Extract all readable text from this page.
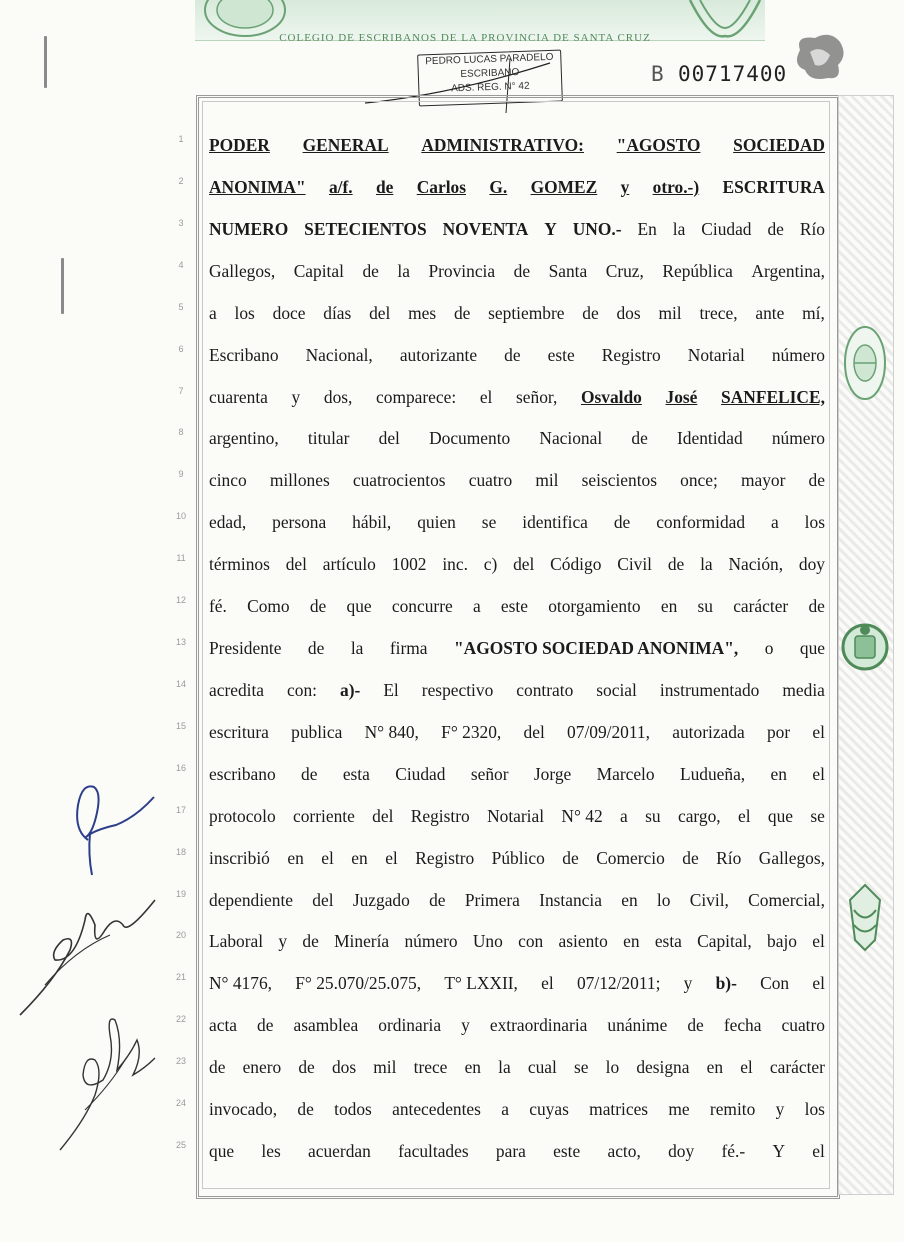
COLEGIO DE ESCRIBANOS DE LA PROVINCIA DE SANTA CRUZ
PEDRO LUCAS PARADELO
ESCRIBANO
ADS. REG. N° 42
B 00717400
1
2
3
4
5
6
7
8
9
10
11
12
13
14
15
16
17
18
19
20
21
22
23
24
25
PODER GENERAL ADMINISTRATIVO: "AGOSTO SOCIEDAD
ANONIMA" a/f. de Carlos G. GOMEZ y otro.-) ESCRITURA
NUMERO SETECIENTOS NOVENTA Y UNO.- En la Ciudad de Río
Gallegos, Capital de la Provincia de Santa Cruz, República Argentina,
a los doce días del mes de septiembre de dos mil trece, ante mí,
Escribano Nacional, autorizante de este Registro Notarial número
cuarenta y dos, comparece: el señor, Osvaldo José SANFELICE,
argentino, titular del Documento Nacional de Identidad número
cinco millones cuatrocientos cuatro mil seiscientos once; mayor de
edad, persona hábil, quien se identifica de conformidad a los
términos del artículo 1002 inc. c) del Código Civil de la Nación, doy
fé. Como de que concurre a este otorgamiento en su carácter de
Presidente de la firma "AGOSTO SOCIEDAD ANONIMA", o que
acredita con: a)- El respectivo contrato social instrumentado media
escritura publica N° 840, F° 2320, del 07/09/2011, autorizada por el
escribano de esta Ciudad señor Jorge Marcelo Ludueña, en el
protocolo corriente del Registro Notarial N° 42 a su cargo, el que se
inscribió en el en el Registro Público de Comercio de Río Gallegos,
dependiente del Juzgado de Primera Instancia en lo Civil, Comercial,
Laboral y de Minería número Uno con asiento en esta Capital, bajo el
N° 4176, F° 25.070/25.075, T° LXXII, el 07/12/2011; y b)- Con el
acta de asamblea ordinaria y extraordinaria unánime de fecha cuatro
de enero de dos mil trece en la cual se lo designa en el carácter
invocado, de todos antecedentes a cuyas matrices me remito y los
que les acuerdan facultades para este acto, doy fé.- Y el
